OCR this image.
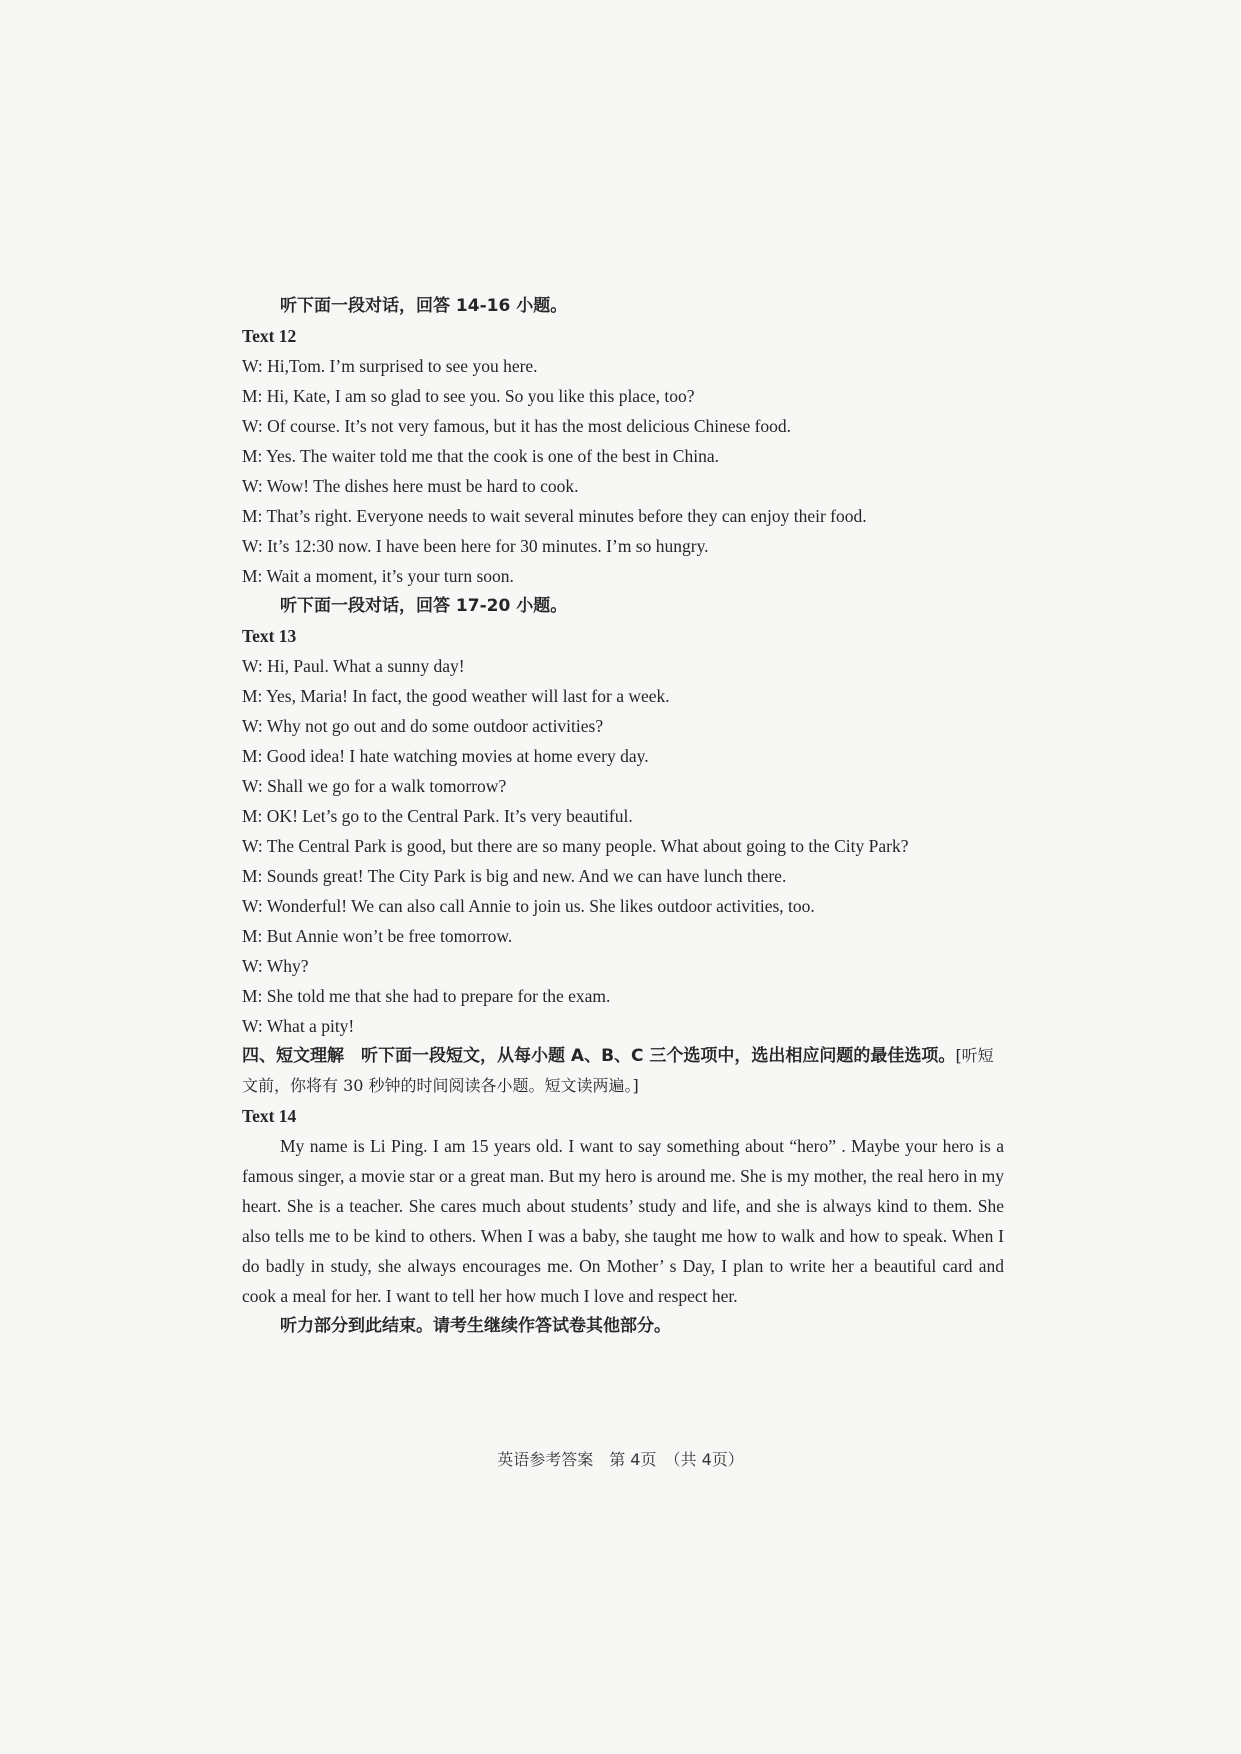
听下面一段对话，回答 14-16 小题。
Text 12
W: Hi,Tom. I’m surprised to see you here.
M: Hi, Kate, I am so glad to see you. So you like this place, too?
W: Of course. It’s not very famous, but it has the most delicious Chinese food.
M: Yes. The waiter told me that the cook is one of the best in China.
W: Wow! The dishes here must be hard to cook.
M: That’s right. Everyone needs to wait several minutes before they can enjoy their food.
W: It’s 12:30 now. I have been here for 30 minutes. I’m so hungry.
M: Wait a moment, it’s your turn soon.
听下面一段对话，回答 17-20 小题。
Text 13
W: Hi, Paul. What a sunny day!
M: Yes, Maria! In fact, the good weather will last for a week.
W: Why not go out and do some outdoor activities?
M: Good idea! I hate watching movies at home every day.
W: Shall we go for a walk tomorrow?
M: OK! Let’s go to the Central Park. It’s very beautiful.
W: The Central Park is good, but there are so many people. What about going to the City Park?
M: Sounds great! The City Park is big and new. And we can have lunch there.
W: Wonderful! We can also call Annie to join us. She likes outdoor activities, too.
M: But Annie won’t be free tomorrow.
W: Why?
M: She told me that she had to prepare for the exam.
W: What a pity!
四、短文理解　听下面一段短文，从每小题 A、B、C 三个选项中，选出相应问题的最佳选项。[听短文前，你将有 30 秒钟的时间阅读各小题。短文读两遍。]
Text 14
My name is Li Ping. I am 15 years old. I want to say something about “hero” . Maybe your hero is a famous singer, a movie star or a great man. But my hero is around me. She is my mother, the real hero in my heart. She is a teacher. She cares much about students’ study and life, and she is always kind to them. She also tells me to be kind to others. When I was a baby, she taught me how to walk and how to speak. When I do badly in study, she always encourages me. On Mother’ s Day, I plan to write her a beautiful card and cook a meal for her. I want to tell her how much I love and respect her.
听力部分到此结束。请考生继续作答试卷其他部分。
英语参考答案　第 4页　（共 4页）
